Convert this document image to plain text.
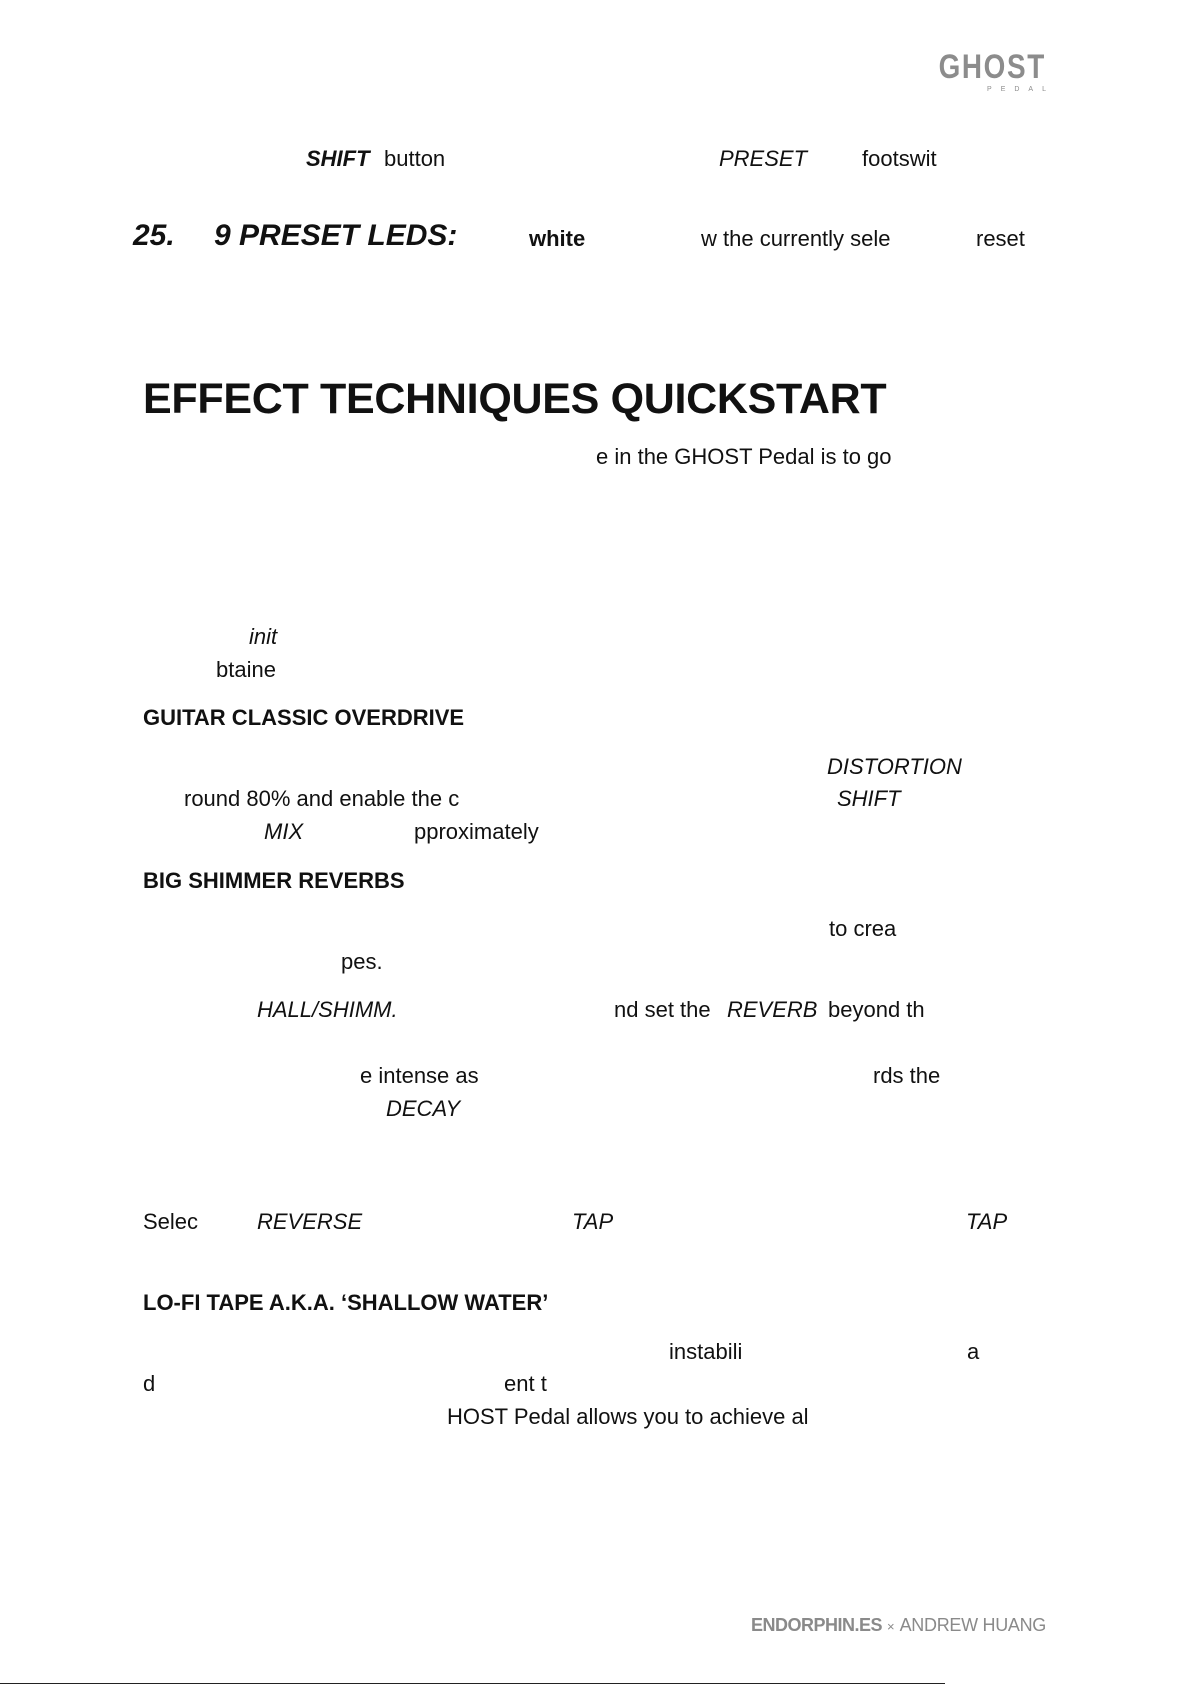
GHOST
PEDAL
SHIFT button	PRESET footswit
25. 9 PRESET LEDS:	white	w the currently sele	reset
EFFECT TECHNIQUES QUICKSTART
e in the GHOST Pedal is to go
init
btaine
GUITAR CLASSIC OVERDRIVE
DISTORTION
round 80% and enable the c	SHIFT
MIX	pproximately
BIG SHIMMER REVERBS
to crea
pes.
HALL/SHIMM.	nd set the REVERB beyond th
e intense as	rds the
DECAY
Selec	REVERSE	TAP	TAP
LO-FI TAPE A.K.A. ‘SHALLOW WATER’
instabili	a
d	ent t
HOST Pedal allows you to achieve al
ENDORPHIN.ES × ANDREW HUANG
